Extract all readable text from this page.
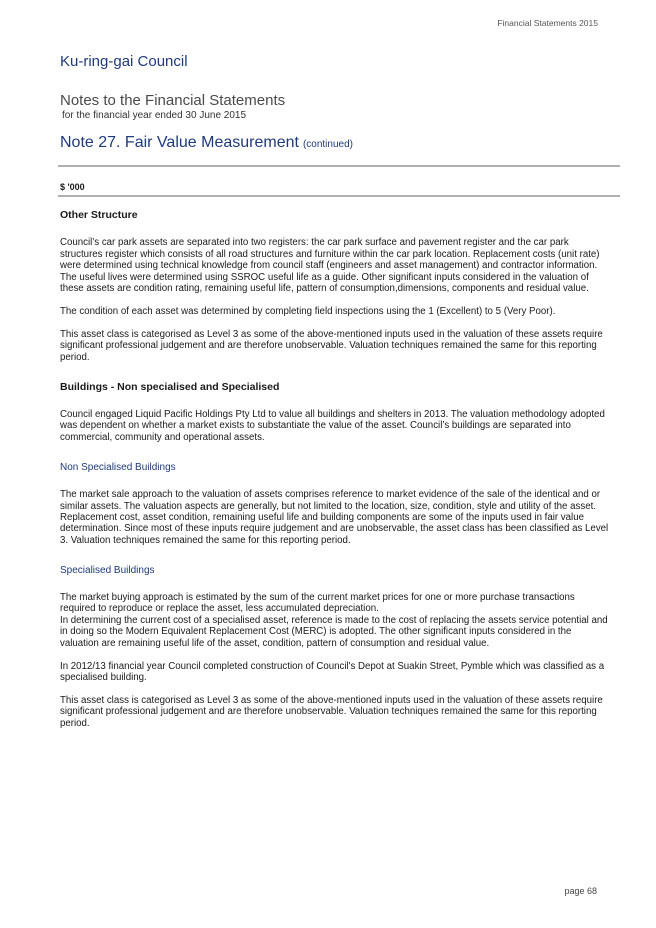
Financial Statements 2015
Ku-ring-gai Council
Notes to the Financial Statements
for the financial year ended 30 June 2015
Note 27. Fair Value Measurement (continued)
$ '000
Other Structure

Council’s car park assets are separated into two registers: the car park surface and pavement register and the car park structures register which consists of all road structures and furniture within the car park location. Replacement costs (unit rate) were determined using technical knowledge from council staff (engineers and asset management) and contractor information. The useful lives were determined using SSROC useful life as a guide. Other significant inputs considered in the valuation of these assets are condition rating, remaining useful life, pattern of consumption,dimensions, components and residual value.

The condition of each asset was determined by completing field inspections using the 1 (Excellent) to 5 (Very Poor).

This asset class is categorised as Level 3 as some of the above-mentioned inputs used in the valuation of these assets require significant professional judgement and are therefore unobservable. Valuation techniques remained the same for this reporting period.

Buildings - Non specialised and Specialised

Council engaged Liquid Pacific Holdings Pty Ltd to value all buildings and shelters in 2013. The valuation methodology adopted was dependent on whether a market exists to substantiate the value of the asset. Council’s buildings are separated into commercial, community and operational assets.

Non Specialised Buildings

The market sale approach to the valuation of assets comprises reference to market evidence of the sale of the identical and or similar assets. The valuation aspects are generally, but not limited to the location, size, condition, style and utility of the asset. Replacement cost, asset condition, remaining useful life and building components are some of the inputs used in fair value determination. Since most of these inputs require judgement and are unobservable, the asset class has been classified as Level 3. Valuation techniques remained the same for this reporting period.

Specialised Buildings

The market buying approach is estimated by the sum of the current market prices for one or more purchase transactions required to reproduce or replace the asset, less accumulated depreciation.

In determining the current cost of a specialised asset, reference is made to the cost of replacing the assets service potential and in doing so the Modern Equivalent Replacement Cost (MERC) is adopted. The other significant inputs considered in the valuation are remaining useful life of the asset, condition, pattern of consumption and residual value.

In 2012/13 financial year Council completed construction of Council's Depot at Suakin Street, Pymble which was classified as a specialised building.

This asset class is categorised as Level 3 as some of the above-mentioned inputs used in the valuation of these assets require significant professional judgement and are therefore unobservable. Valuation techniques remained the same for this reporting period.

page 68
